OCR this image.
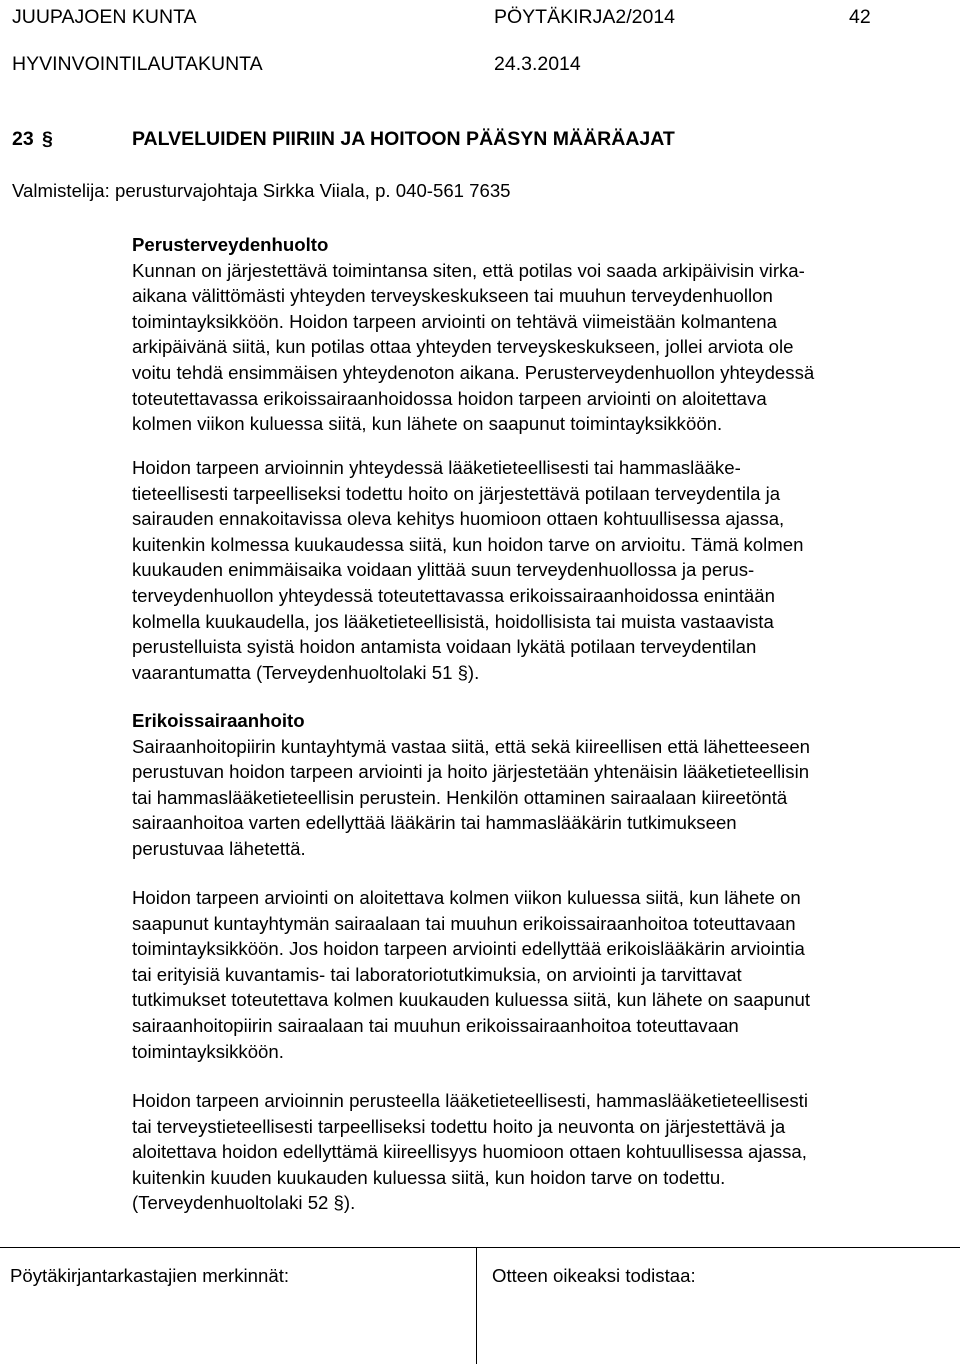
JUUPAJOEN KUNTA	PÖYTÄKIRJA2/2014	42
HYVINVOINTILAUTAKUNTA	24.3.2014
23 §	PALVELUIDEN PIIRIIN JA HOITOON PÄÄSYN MÄÄRÄAJAT
Valmistelija: perusturvajohtaja Sirkka Viiala, p. 040-561 7635
Perusterveydenhuolto
Kunnan on järjestettävä toimintansa siten, että potilas voi saada arkipäivisin virka-
aikana välittömästi yhteyden terveyskeskukseen tai muuhun terveydenhuollon
toimintayksikköön. Hoidon tarpeen arviointi on tehtävä viimeistään kolmantena
arkipäivänä siitä, kun potilas ottaa yhteyden terveyskeskukseen, jollei arviota ole
voitu tehdä ensimmäisen yhteydenoton aikana. Perusterveydenhuollon yhteydessä
toteutettavassa erikoissairaanhoidossa hoidon tarpeen arviointi on aloitettava
kolmen viikon kuluessa siitä, kun lähete on saapunut toimintayksikköön.
Hoidon tarpeen arvioinnin yhteydessä lääketieteellisesti tai hammaslääke-
tieteellisesti tarpeelliseksi todettu hoito on järjestettävä potilaan terveydentila ja
sairauden ennakoitavissa oleva kehitys huomioon ottaen kohtuullisessa ajassa,
kuitenkin kolmessa kuukaudessa siitä, kun hoidon tarve on arvioitu. Tämä kolmen
kuukauden enimmäisaika voidaan ylittää suun terveydenhuollossa ja perus-
terveydenhuollon yhteydessä toteutettavassa erikoissairaanhoidossa enintään
kolmella kuukaudella, jos lääketieteellisistä, hoidollisista tai muista vastaavista
perustelluista syistä hoidon antamista voidaan lykätä potilaan terveydentilan
vaarantumatta (Terveydenhuoltolaki 51 §).
Erikoissairaanhoito
Sairaanhoitopiirin kuntayhtymä vastaa siitä, että sekä kiireellisen että lähetteeseen
perustuvan hoidon tarpeen arviointi ja hoito järjestetään yhtenäisin lääketieteellisin
tai hammaslääketieteellisin perustein. Henkilön ottaminen sairaalaan kiireetöntä
sairaanhoitoa varten edellyttää lääkärin tai hammaslääkärin tutkimukseen
perustuvaa lähetettä.
Hoidon tarpeen arviointi on aloitettava kolmen viikon kuluessa siitä, kun lähete on
saapunut kuntayhtymän sairaalaan tai muuhun erikoissairaanhoitoa toteuttavaan
toimintayksikköön. Jos hoidon tarpeen arviointi edellyttää erikoislääkärin arviointia
tai erityisiä kuvantamis- tai laboratoriotutkimuksia, on arviointi ja tarvittavat
tutkimukset toteutettava kolmen kuukauden kuluessa siitä, kun lähete on saapunut
sairaanhoitopiirin sairaalaan tai muuhun erikoissairaanhoitoa toteuttavaan
toimintayksikköön.
Hoidon tarpeen arvioinnin perusteella lääketieteellisesti, hammaslääketieteellisesti
tai terveystieteellisesti tarpeelliseksi todettu hoito ja neuvonta on järjestettävä ja
aloitettava hoidon edellyttämä kiireellisyys huomioon ottaen kohtuullisessa ajassa,
kuitenkin kuuden kuukauden kuluessa siitä, kun hoidon tarve on todettu.
(Terveydenhuoltolaki 52 §).
Pöytäkirjantarkastajien merkinnät:	Otteen oikeaksi todistaa:
